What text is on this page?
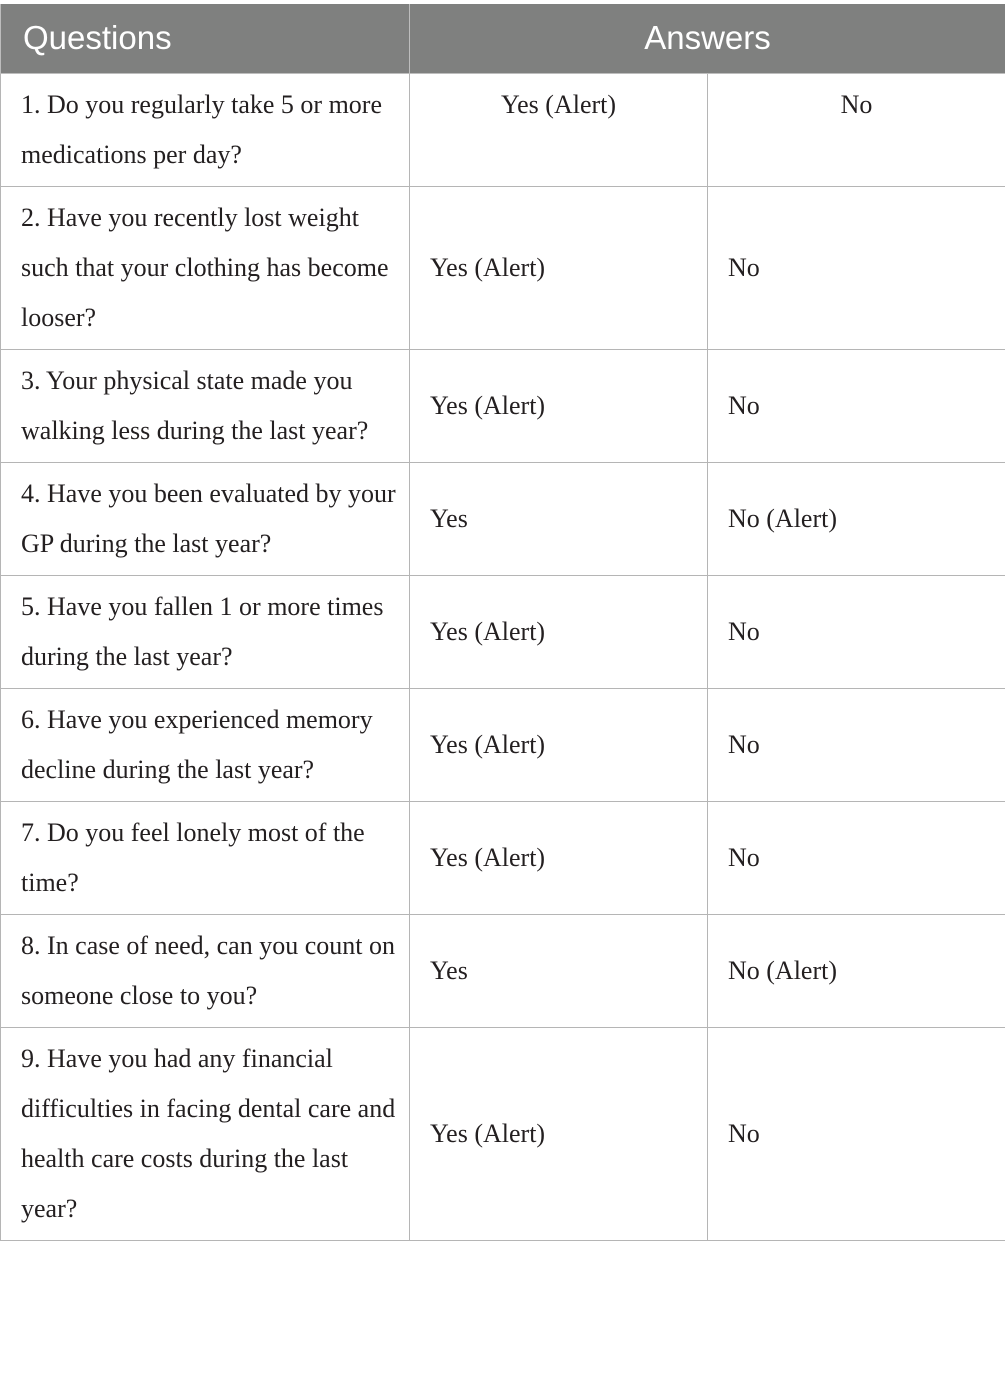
Questions	Answers	
1. Do you regularly take 5 or more medications per day?	Yes (Alert)	No
2. Have you recently lost weight such that your clothing has become looser?	Yes (Alert)	No
3. Your physical state made you walking less during the last year?	Yes (Alert)	No
4. Have you been evaluated by your GP during the last year?	Yes	No (Alert)
5. Have you fallen 1 or more times during the last year?	Yes (Alert)	No
6. Have you experienced memory decline during the last year?	Yes (Alert)	No
7. Do you feel lonely most of the time?	Yes (Alert)	No
8. In case of need, can you count on someone close to you?	Yes	No (Alert)
9. Have you had any financial difficulties in facing dental care and health care costs during the last year?	Yes (Alert)	No
